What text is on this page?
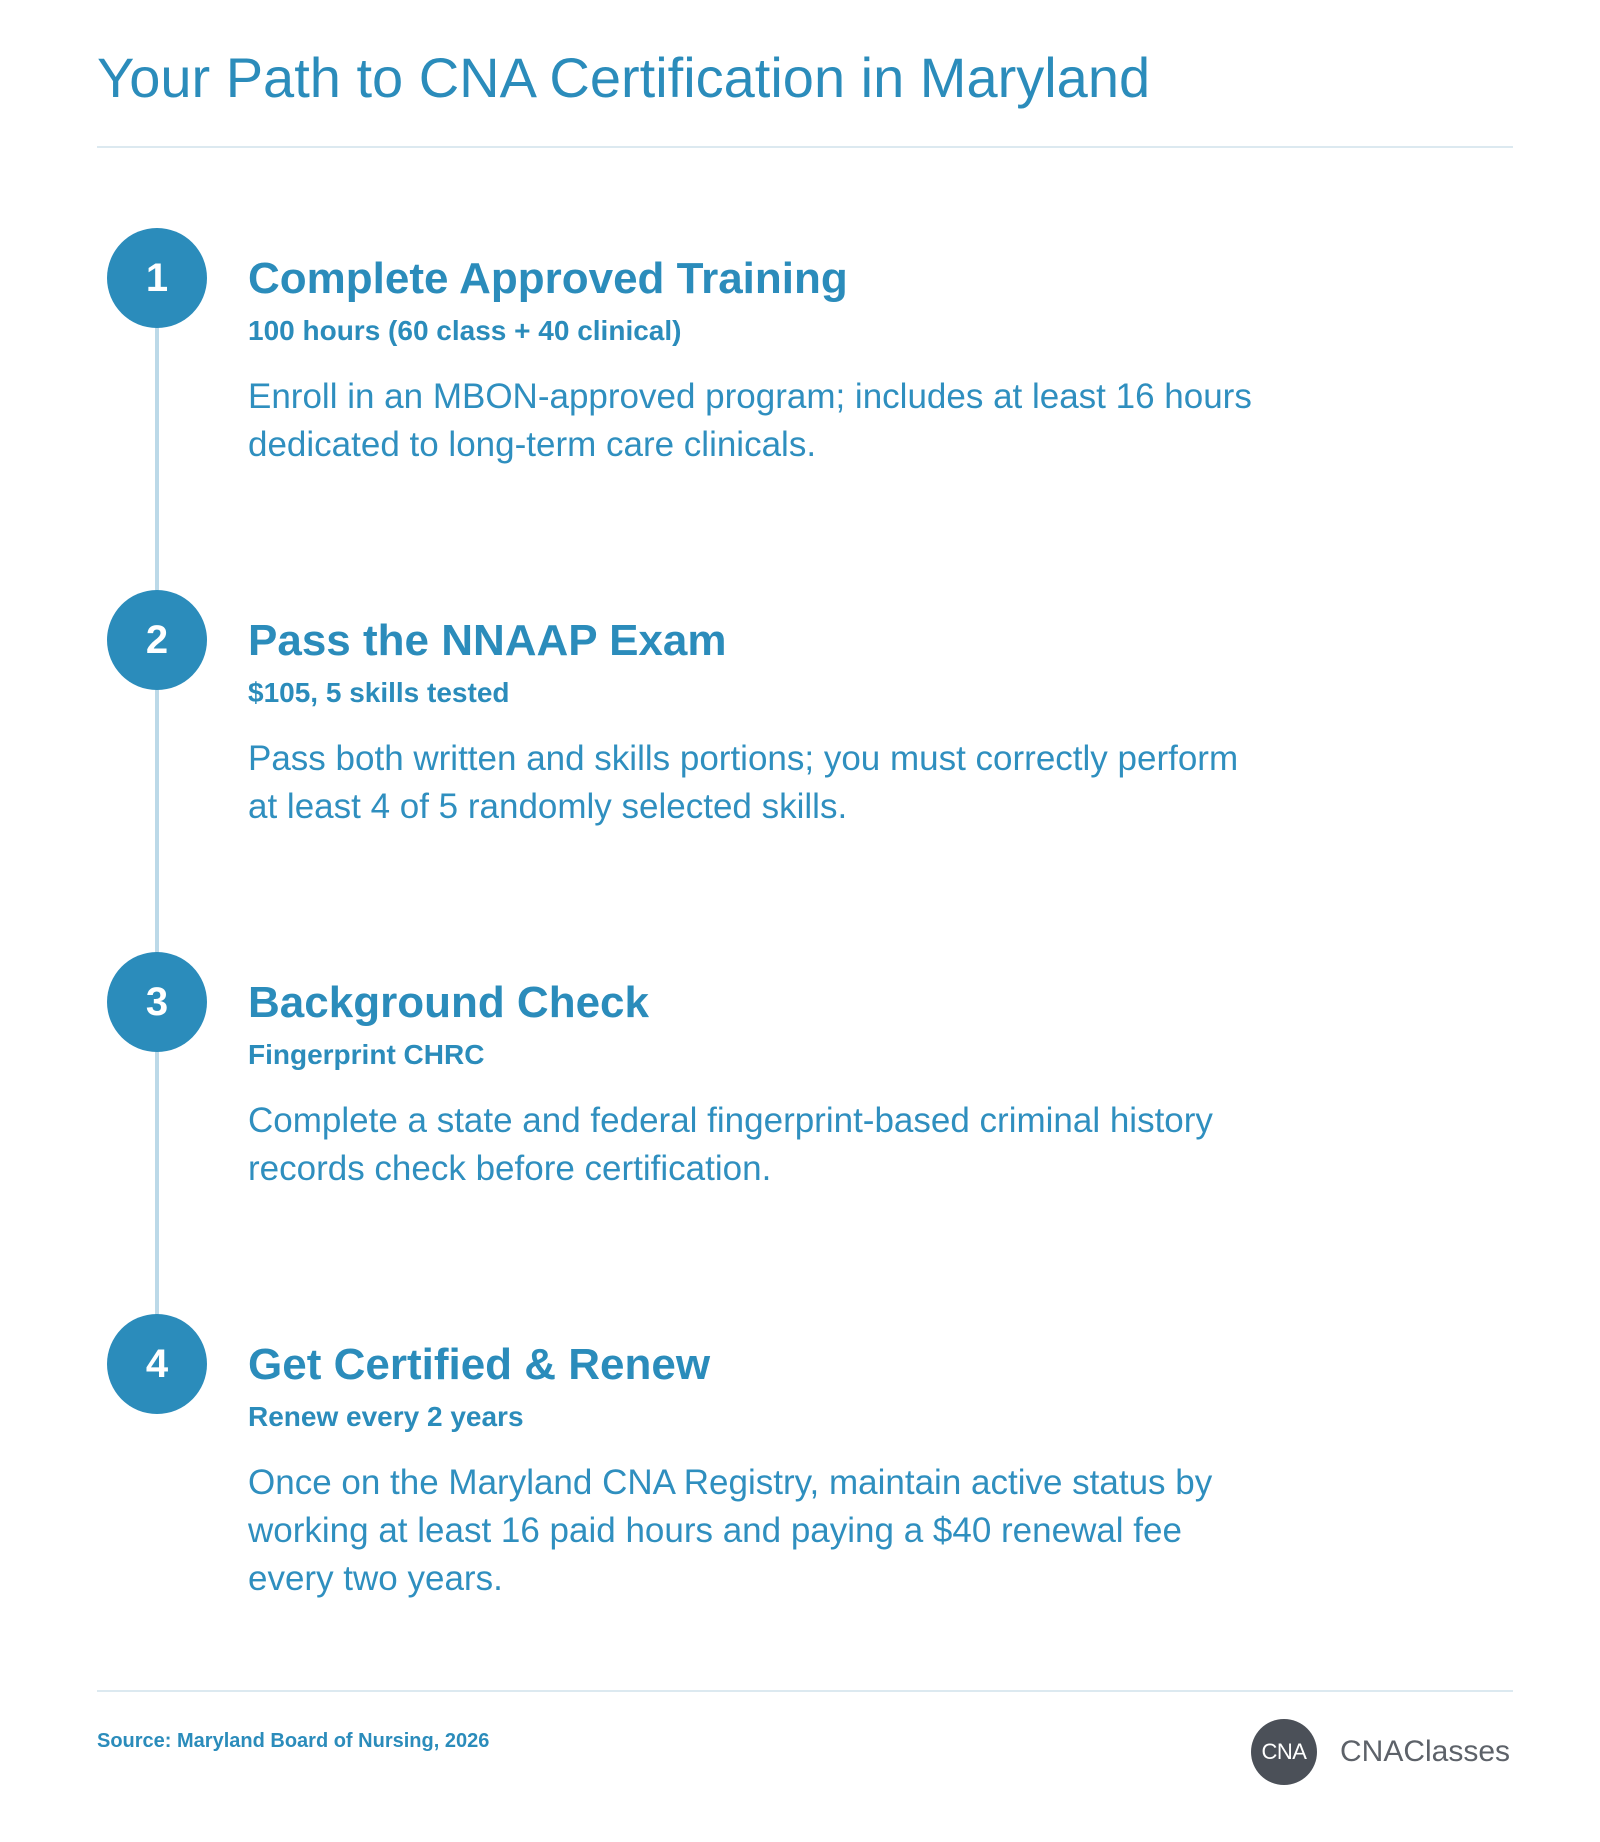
Your Path to CNA Certification in Maryland
1	Complete Approved Training

100 hours (60 class + 40 clinical)

Enroll in an MBON-approved program; includes at least 16 hours dedicated to long-term care clinicals.

2	Pass the NNAAP Exam

$105, 5 skills tested

Pass both written and skills portions; you must correctly perform at least 4 of 5 randomly selected skills.

3	Background Check

Fingerprint CHRC

Complete a state and federal fingerprint-based criminal history records check before certification.

4	Get Certified & Renew

Renew every 2 years

Once on the Maryland CNA Registry, maintain active status by working at least 16 paid hours and paying a $40 renewal fee every two years.

Source: Maryland Board of Nursing, 2026	CNA	CNAClasses
